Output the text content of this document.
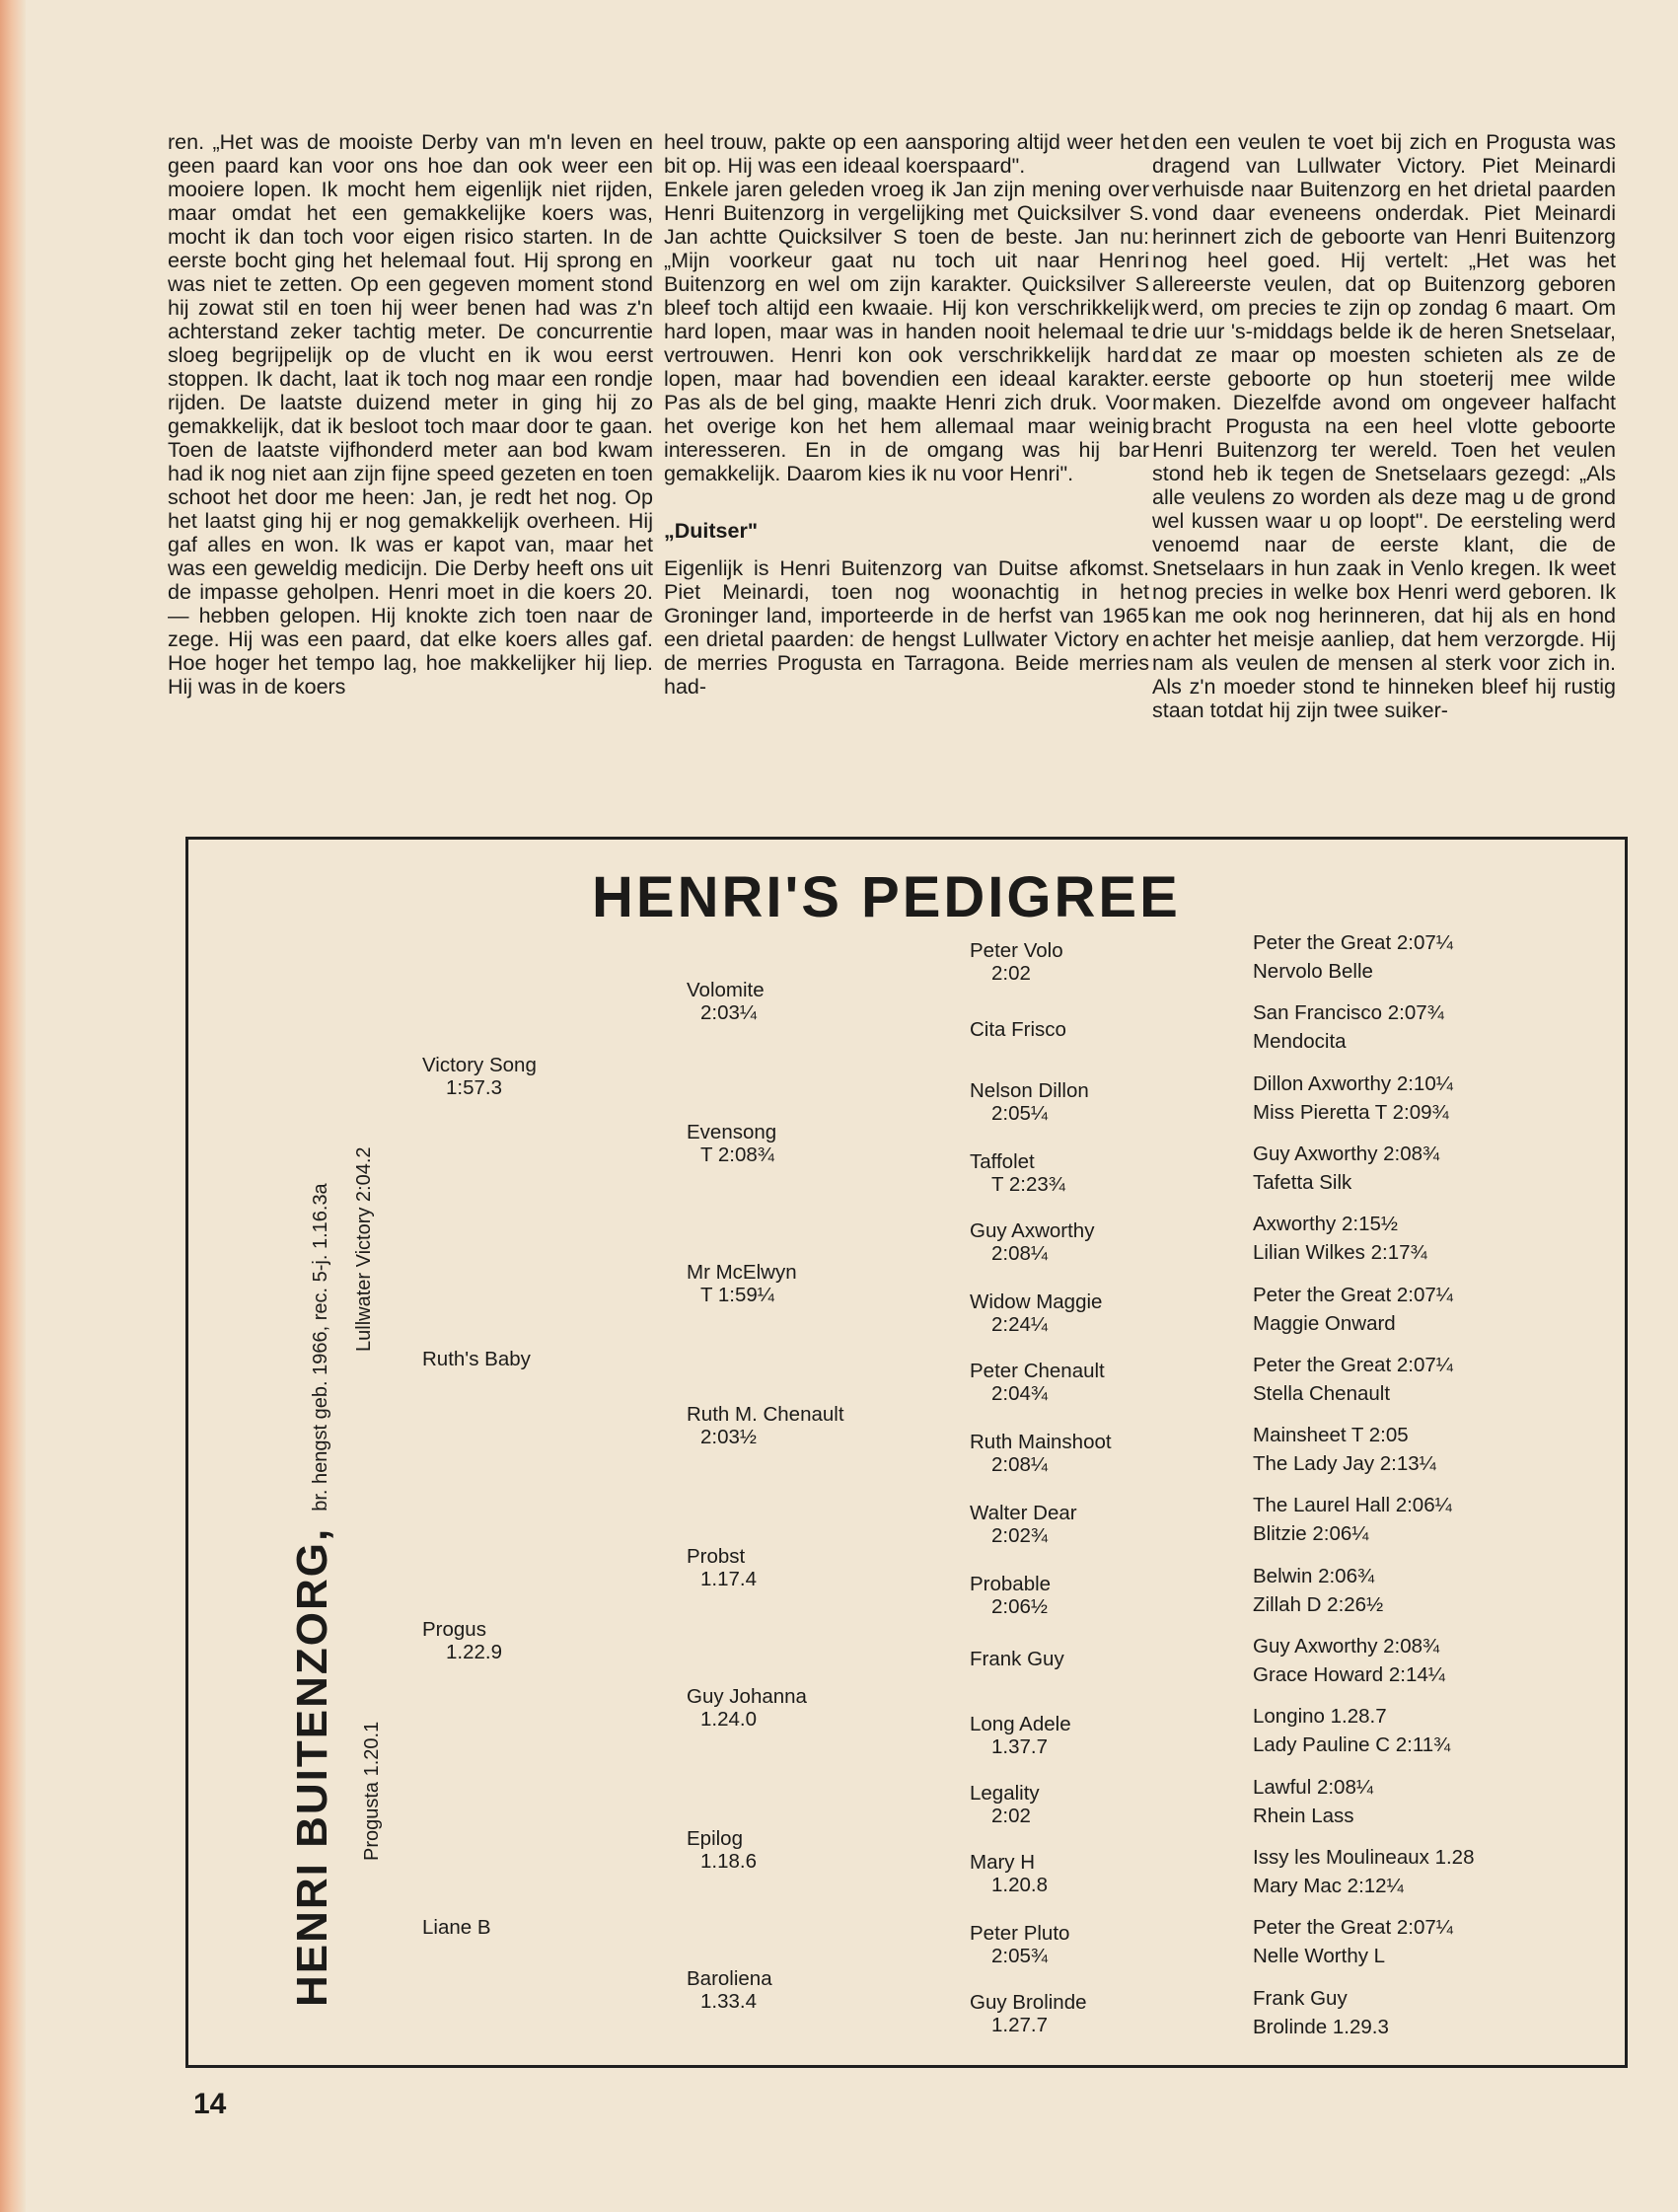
ren. „Het was de mooiste Derby van m'n leven en geen paard kan voor ons hoe dan ook weer een mooiere lopen. Ik mocht hem eigenlijk niet rijden, maar omdat het een gemakkelijke koers was, mocht ik dan toch voor eigen risico starten. In de eerste bocht ging het helemaal fout. Hij sprong en was niet te zetten. Op een gegeven moment stond hij zowat stil en toen hij weer benen had was z'n achterstand zeker tachtig meter. De concurrentie sloeg begrijpelijk op de vlucht en ik wou eerst stoppen. Ik dacht, laat ik toch nog maar een rondje rijden. De laatste duizend meter in ging hij zo gemakkelijk, dat ik besloot toch maar door te gaan. Toen de laatste vijfhonderd meter aan bod kwam had ik nog niet aan zijn fijne speed gezeten en toen schoot het door me heen: Jan, je redt het nog. Op het laatst ging hij er nog gemakkelijk overheen. Hij gaf alles en won. Ik was er kapot van, maar het was een geweldig medicijn. Die Derby heeft ons uit de impasse geholpen. Henri moet in die koers 20.— hebben gelopen. Hij knokte zich toen naar de zege. Hij was een paard, dat elke koers alles gaf. Hoe hoger het tempo lag, hoe makkelijker hij liep. Hij was in de koers

heel trouw, pakte op een aansporing altijd weer het bit op. Hij was een ideaal koerspaard".

Enkele jaren geleden vroeg ik Jan zijn mening over Henri Buitenzorg in vergelijking met Quicksilver S. Jan achtte Quicksilver S toen de beste. Jan nu: „Mijn voorkeur gaat nu toch uit naar Henri Buitenzorg en wel om zijn karakter. Quicksilver S bleef toch altijd een kwaaie. Hij kon verschrikkelijk hard lopen, maar was in handen nooit helemaal te vertrouwen. Henri kon ook verschrikkelijk hard lopen, maar had bovendien een ideaal karakter. Pas als de bel ging, maakte Henri zich druk. Voor het overige kon het hem allemaal maar weinig interesseren. En in de omgang was hij bar gemakkelijk. Daarom kies ik nu voor Henri".

„Duitser"

Eigenlijk is Henri Buitenzorg van Duitse afkomst. Piet Meinardi, toen nog woonachtig in het Groninger land, importeerde in de herfst van 1965 een drietal paarden: de hengst Lullwater Victory en de merries Progusta en Tarragona. Beide merries had-

den een veulen te voet bij zich en Progusta was dragend van Lullwater Victory. Piet Meinardi verhuisde naar Buitenzorg en het drietal paarden vond daar eveneens onderdak. Piet Meinardi herinnert zich de geboorte van Henri Buitenzorg nog heel goed. Hij vertelt: „Het was het allereerste veulen, dat op Buitenzorg geboren werd, om precies te zijn op zondag 6 maart. Om drie uur 's-middags belde ik de heren Snetselaar, dat ze maar op moesten schieten als ze de eerste geboorte op hun stoeterij mee wilde maken. Diezelfde avond om ongeveer halfacht bracht Progusta na een heel vlotte geboorte Henri Buitenzorg ter wereld. Toen het veulen stond heb ik tegen de Snetselaars gezegd: „Als alle veulens zo worden als deze mag u de grond wel kussen waar u op loopt". De eersteling werd venoemd naar de eerste klant, die de Snetselaars in hun zaak in Venlo kregen. Ik weet nog precies in welke box Henri werd geboren. Ik kan me ook nog herinneren, dat hij als en hond achter het meisje aanliep, dat hem verzorgde. Hij nam als veulen de mensen al sterk voor zich in. Als z'n moeder stond te hinneken bleef hij rustig staan totdat hij zijn twee suiker-

HENRI'S PEDIGREE
HENRI BUITENZORG,br. hengst geb. 1966, rec. 5-j. 1.16.3a	Lullwater Victory 2:04.2
Progusta 1.20.1
Victory Song
1:57.3
Ruth's Baby
Progus
1.22.9
Liane B
Volomite
2:03¼
Evensong
T 2:08¾
Mr McElwyn
T 1:59¼
Ruth M. Chenault
2:03½
Probst
1.17.4
Guy Johanna
1.24.0
Epilog
1.18.6
Baroliena
1.33.4
Peter Volo
2:02
Cita Frisco
Nelson Dillon
2:05¼
Taffolet
T 2:23¾
Guy Axworthy
2:08¼
Widow Maggie
2:24¼
Peter Chenault
2:04¾
Ruth Mainshoot
2:08¼
Walter Dear
2:02¾
Probable
2:06½
Frank Guy
Long Adele
1.37.7
Legality
2:02
Mary H
1.20.8
Peter Pluto
2:05¾
Guy Brolinde
1.27.7
Peter the Great 2:07¼
Nervolo Belle
San Francisco 2:07¾
Mendocita
Dillon Axworthy 2:10¼
Miss Pieretta T 2:09¾
Guy Axworthy 2:08¾
Tafetta Silk
Axworthy 2:15½
Lilian Wilkes 2:17¾
Peter the Great 2:07¼
Maggie Onward
Peter the Great 2:07¼
Stella Chenault
Mainsheet T 2:05
The Lady Jay 2:13¼
The Laurel Hall 2:06¼
Blitzie 2:06¼
Belwin 2:06¾
Zillah D 2:26½
Guy Axworthy 2:08¾
Grace Howard 2:14¼
Longino 1.28.7
Lady Pauline C 2:11¾
Lawful 2:08¼
Rhein Lass
Issy les Moulineaux 1.28
Mary Mac 2:12¼
Peter the Great 2:07¼
Nelle Worthy L
Frank Guy
Brolinde 1.29.3
14
